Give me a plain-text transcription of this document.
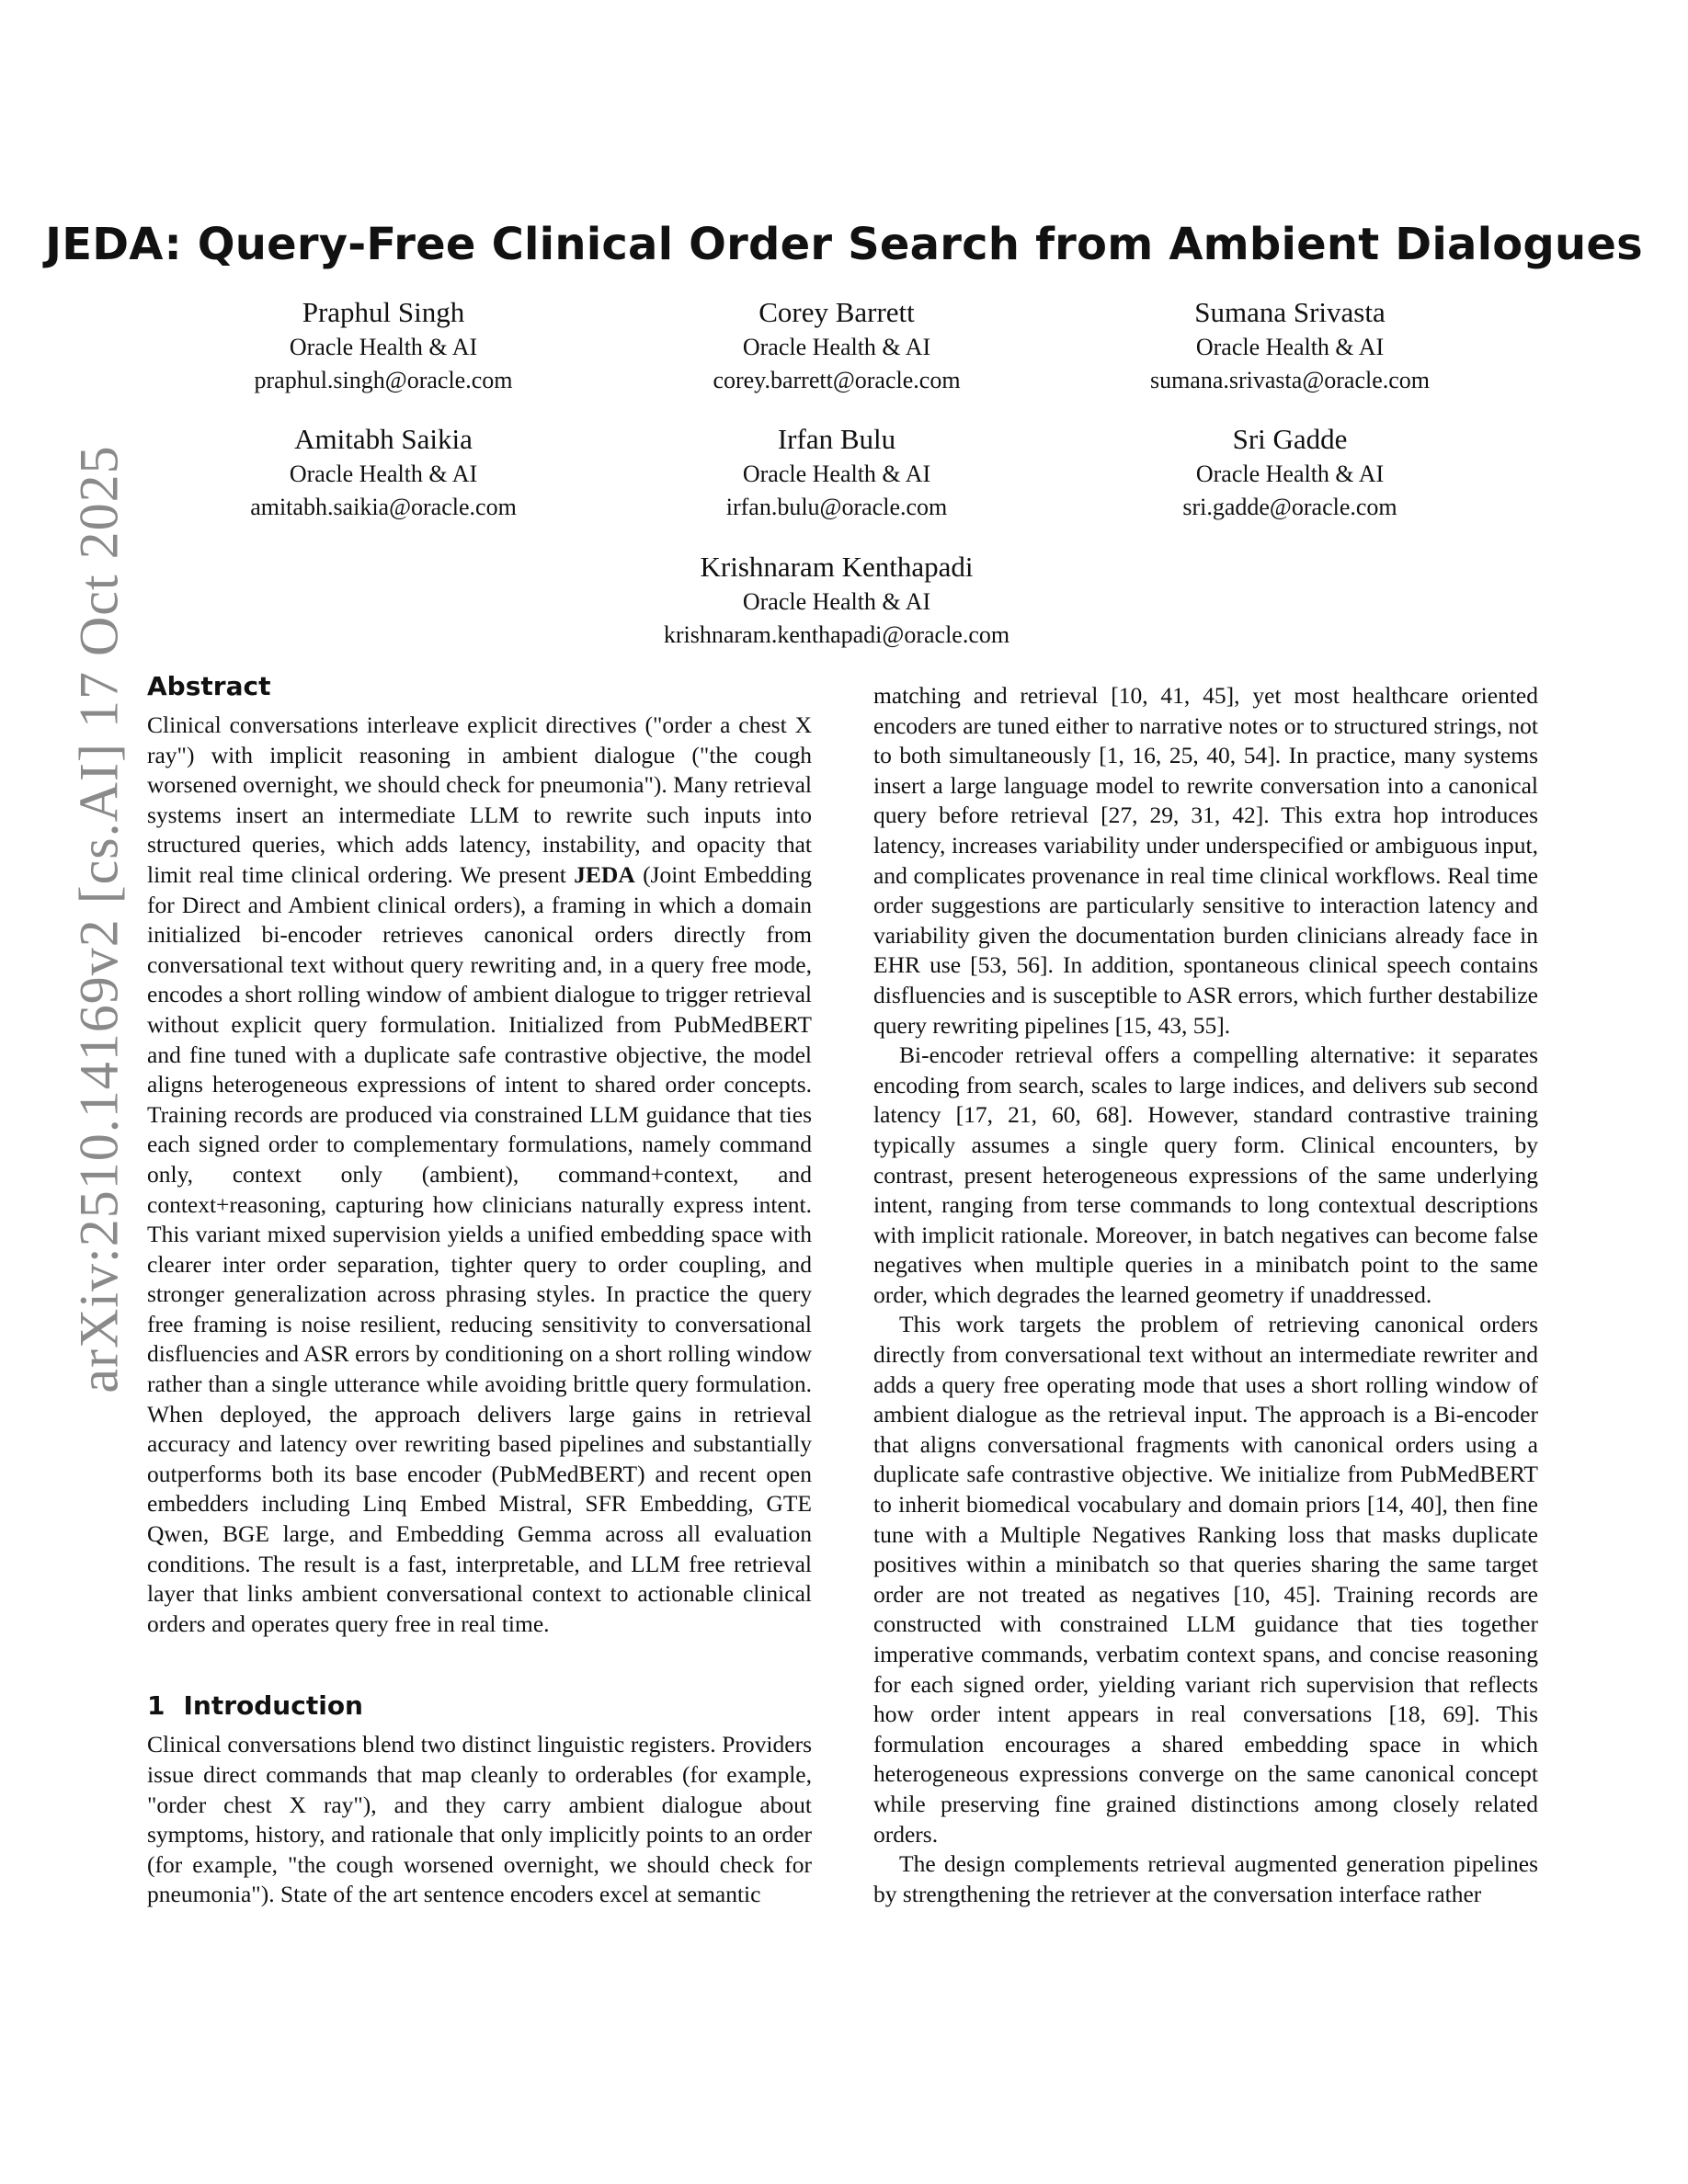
arXiv:2510.14169v2 [cs.AI] 17 Oct 2025
JEDA: Query-Free Clinical Order Search from Ambient Dialogues
Praphul Singh
Oracle Health & AI
praphul.singh@oracle.com
Corey Barrett
Oracle Health & AI
corey.barrett@oracle.com
Sumana Srivasta
Oracle Health & AI
sumana.srivasta@oracle.com
Amitabh Saikia
Oracle Health & AI
amitabh.saikia@oracle.com
Irfan Bulu
Oracle Health & AI
irfan.bulu@oracle.com
Sri Gadde
Oracle Health & AI
sri.gadde@oracle.com
Krishnaram Kenthapadi
Oracle Health & AI
krishnaram.kenthapadi@oracle.com
Abstract

Clinical conversations interleave explicit directives ("order a chest X ray") with implicit reasoning in ambient dialogue ("the cough worsened overnight, we should check for pneumonia"). Many retrieval systems insert an intermediate LLM to rewrite such inputs into structured queries, which adds latency, instability, and opacity that limit real time clinical ordering. We present JEDA (Joint Embedding for Direct and Ambient clinical orders), a framing in which a domain initialized bi-encoder retrieves canonical orders directly from conversational text without query rewriting and, in a query free mode, encodes a short rolling window of ambient dialogue to trigger retrieval without explicit query formulation. Initialized from PubMedBERT and fine tuned with a duplicate safe contrastive objective, the model aligns heterogeneous expressions of intent to shared order concepts. Training records are produced via constrained LLM guidance that ties each signed order to complementary formulations, namely command only, context only (ambient), command+context, and context+reasoning, capturing how clinicians naturally express intent. This variant mixed supervision yields a unified embedding space with clearer inter order separation, tighter query to order coupling, and stronger generalization across phrasing styles. In practice the query free framing is noise resilient, reducing sensitivity to conversational disfluencies and ASR errors by conditioning on a short rolling window rather than a single utterance while avoiding brittle query formulation. When deployed, the approach delivers large gains in retrieval accuracy and latency over rewriting based pipelines and substantially outperforms both its base encoder (PubMedBERT) and recent open embedders including Linq Embed Mistral, SFR Embedding, GTE Qwen, BGE large, and Embedding Gemma across all evaluation conditions. The result is a fast, interpretable, and LLM free retrieval layer that links ambient conversational context to actionable clinical orders and operates query free in real time.

1 Introduction

Clinical conversations blend two distinct linguistic registers. Providers issue direct commands that map cleanly to orderables (for example, "order chest X ray"), and they carry ambient dialogue about symptoms, history, and rationale that only implicitly points to an order (for example, "the cough worsened overnight, we should check for pneumonia"). State of the art sentence encoders excel at semantic

matching and retrieval [10, 41, 45], yet most healthcare oriented encoders are tuned either to narrative notes or to structured strings, not to both simultaneously [1, 16, 25, 40, 54]. In practice, many systems insert a large language model to rewrite conversation into a canonical query before retrieval [27, 29, 31, 42]. This extra hop introduces latency, increases variability under underspecified or ambiguous input, and complicates provenance in real time clinical workflows. Real time order suggestions are particularly sensitive to interaction latency and variability given the documentation burden clinicians already face in EHR use [53, 56]. In addition, spontaneous clinical speech contains disfluencies and is susceptible to ASR errors, which further destabilize query rewriting pipelines [15, 43, 55].

Bi-encoder retrieval offers a compelling alternative: it separates encoding from search, scales to large indices, and delivers sub second latency [17, 21, 60, 68]. However, standard contrastive training typically assumes a single query form. Clinical encounters, by contrast, present heterogeneous expressions of the same underlying intent, ranging from terse commands to long contextual descriptions with implicit rationale. Moreover, in batch negatives can become false negatives when multiple queries in a minibatch point to the same order, which degrades the learned geometry if unaddressed.

This work targets the problem of retrieving canonical orders directly from conversational text without an intermediate rewriter and adds a query free operating mode that uses a short rolling window of ambient dialogue as the retrieval input. The approach is a Bi-encoder that aligns conversational fragments with canonical orders using a duplicate safe contrastive objective. We initialize from PubMedBERT to inherit biomedical vocabulary and domain priors [14, 40], then fine tune with a Multiple Negatives Ranking loss that masks duplicate positives within a minibatch so that queries sharing the same target order are not treated as negatives [10, 45]. Training records are constructed with constrained LLM guidance that ties together imperative commands, verbatim context spans, and concise reasoning for each signed order, yielding variant rich supervision that reflects how order intent appears in real conversations [18, 69]. This formulation encourages a shared embedding space in which heterogeneous expressions converge on the same canonical concept while preserving fine grained distinctions among closely related orders.

The design complements retrieval augmented generation pipelines by strengthening the retriever at the conversation interface rather
